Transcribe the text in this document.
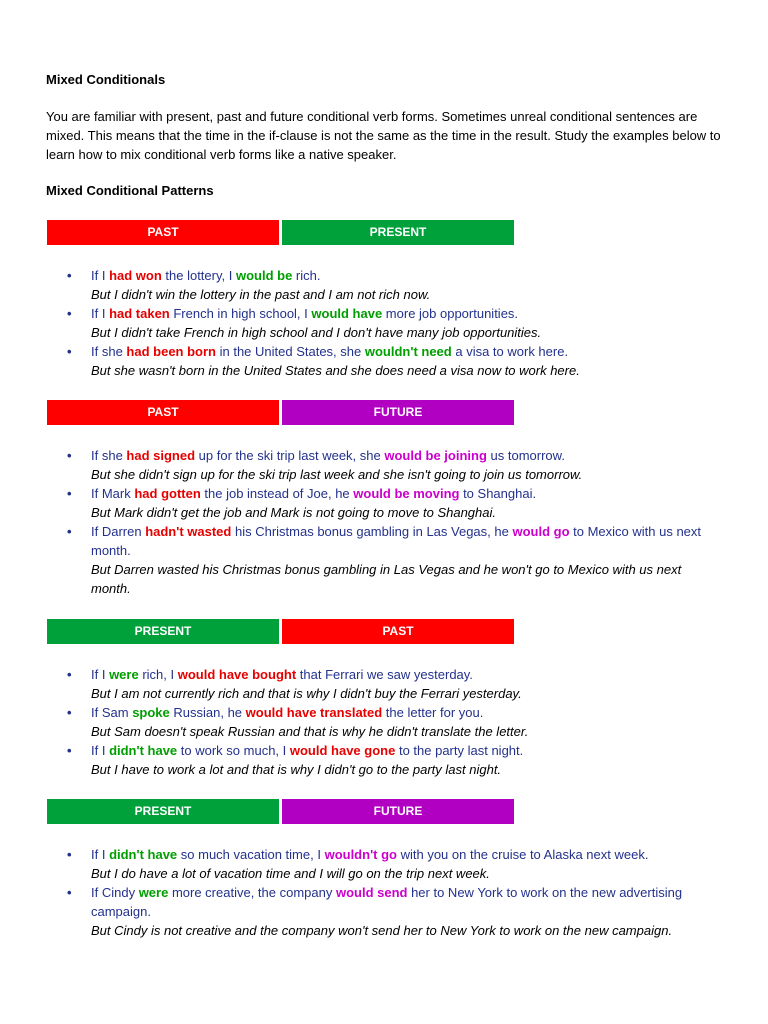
Mixed Conditionals
You are familiar with present, past and future conditional verb forms. Sometimes unreal conditional sentences are mixed. This means that the time in the if-clause is not the same as the time in the result. Study the examples below to learn how to mix conditional verb forms like a native speaker.
Mixed Conditional Patterns
PAST	PRESENT
•
If I had won the lottery, I would be rich.
But I didn't win the lottery in the past and I am not rich now.
•
If I had taken French in high school, I would have more job opportunities.
But I didn't take French in high school and I don't have many job opportunities.
•
If she had been born in the United States, she wouldn't need a visa to work here.
But she wasn't born in the United States and she does need a visa now to work here.
PAST	FUTURE
•
If she had signed up for the ski trip last week, she would be joining us tomorrow.
But she didn't sign up for the ski trip last week and she isn't going to join us tomorrow.
•
If Mark had gotten the job instead of Joe, he would be moving to Shanghai.
But Mark didn't get the job and Mark is not going to move to Shanghai.
•
If Darren hadn't wasted his Christmas bonus gambling in Las Vegas, he would go to Mexico with us next month.
But Darren wasted his Christmas bonus gambling in Las Vegas and he won't go to Mexico with us next month.
PRESENT	PAST
•
If I were rich, I would have bought that Ferrari we saw yesterday.
But I am not currently rich and that is why I didn't buy the Ferrari yesterday.
•
If Sam spoke Russian, he would have translated the letter for you.
But Sam doesn't speak Russian and that is why he didn't translate the letter.
•
If I didn't have to work so much, I would have gone to the party last night.
But I have to work a lot and that is why I didn't go to the party last night.
PRESENT	FUTURE
•
If I didn't have so much vacation time, I wouldn't go with you on the cruise to Alaska next week.
But I do have a lot of vacation time and I will go on the trip next week.
•
If Cindy were more creative, the company would send her to New York to work on the new advertising campaign.
But Cindy is not creative and the company won't send her to New York to work on the new campaign.
